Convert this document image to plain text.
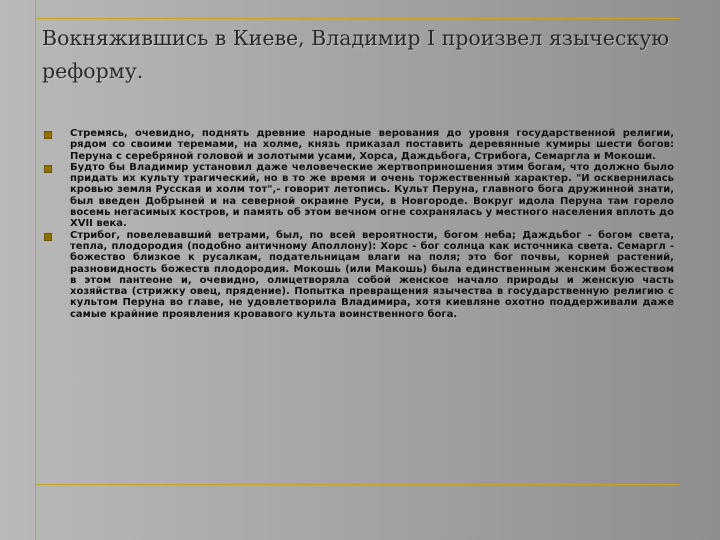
Вокняжившись в Киеве, Владимир I произвел языческую реформу.
Стремясь, очевидно, поднять древние народные верования до уровня государственной религии, рядом со своими теремами, на холме, князь приказал поставить деревянные кумиры шести богов: Перуна с серебряной головой и золотыми усами, Хорса, Даждьбога, Стрибога, Семаргла и Мокоши.
Будто бы Владимир установил даже человеческие жертвоприношения этим богам, что должно было придать их культу трагический, но в то же время и очень торжественный характер. "И осквернилась кровью земля Русская и холм тот",- говорит летопись. Культ Перуна, главного бога дружинной знати, был введен Добрыней и на северной окраине Руси, в Новгороде. Вокруг идола Перуна там горело восемь негасимых костров, и память об этом вечном огне сохранялась у местного населения вплоть до XVII века.
Стрибог, повелевавший ветрами, был, по всей вероятности, богом неба; Даждьбог - богом света, тепла, плодородия (подобно античному Аполлону): Хорс - бог солнца как источника света. Семаргл - божество близкое к русалкам, подательницам влаги на поля; это бог почвы, корней растений, разновидность божеств плодородия. Мокошь (или Макошь) была единственным женским божеством в этом пантеоне и, очевидно, олицетворяла собой женское начало природы и женскую часть хозяйства (стрижку овец, прядение). Попытка превращения язычества в государственную религию с культом Перуна во главе, не удовлетворила Владимира, хотя киевляне охотно поддерживали даже самые крайние проявления кровавого культа воинственного бога.
